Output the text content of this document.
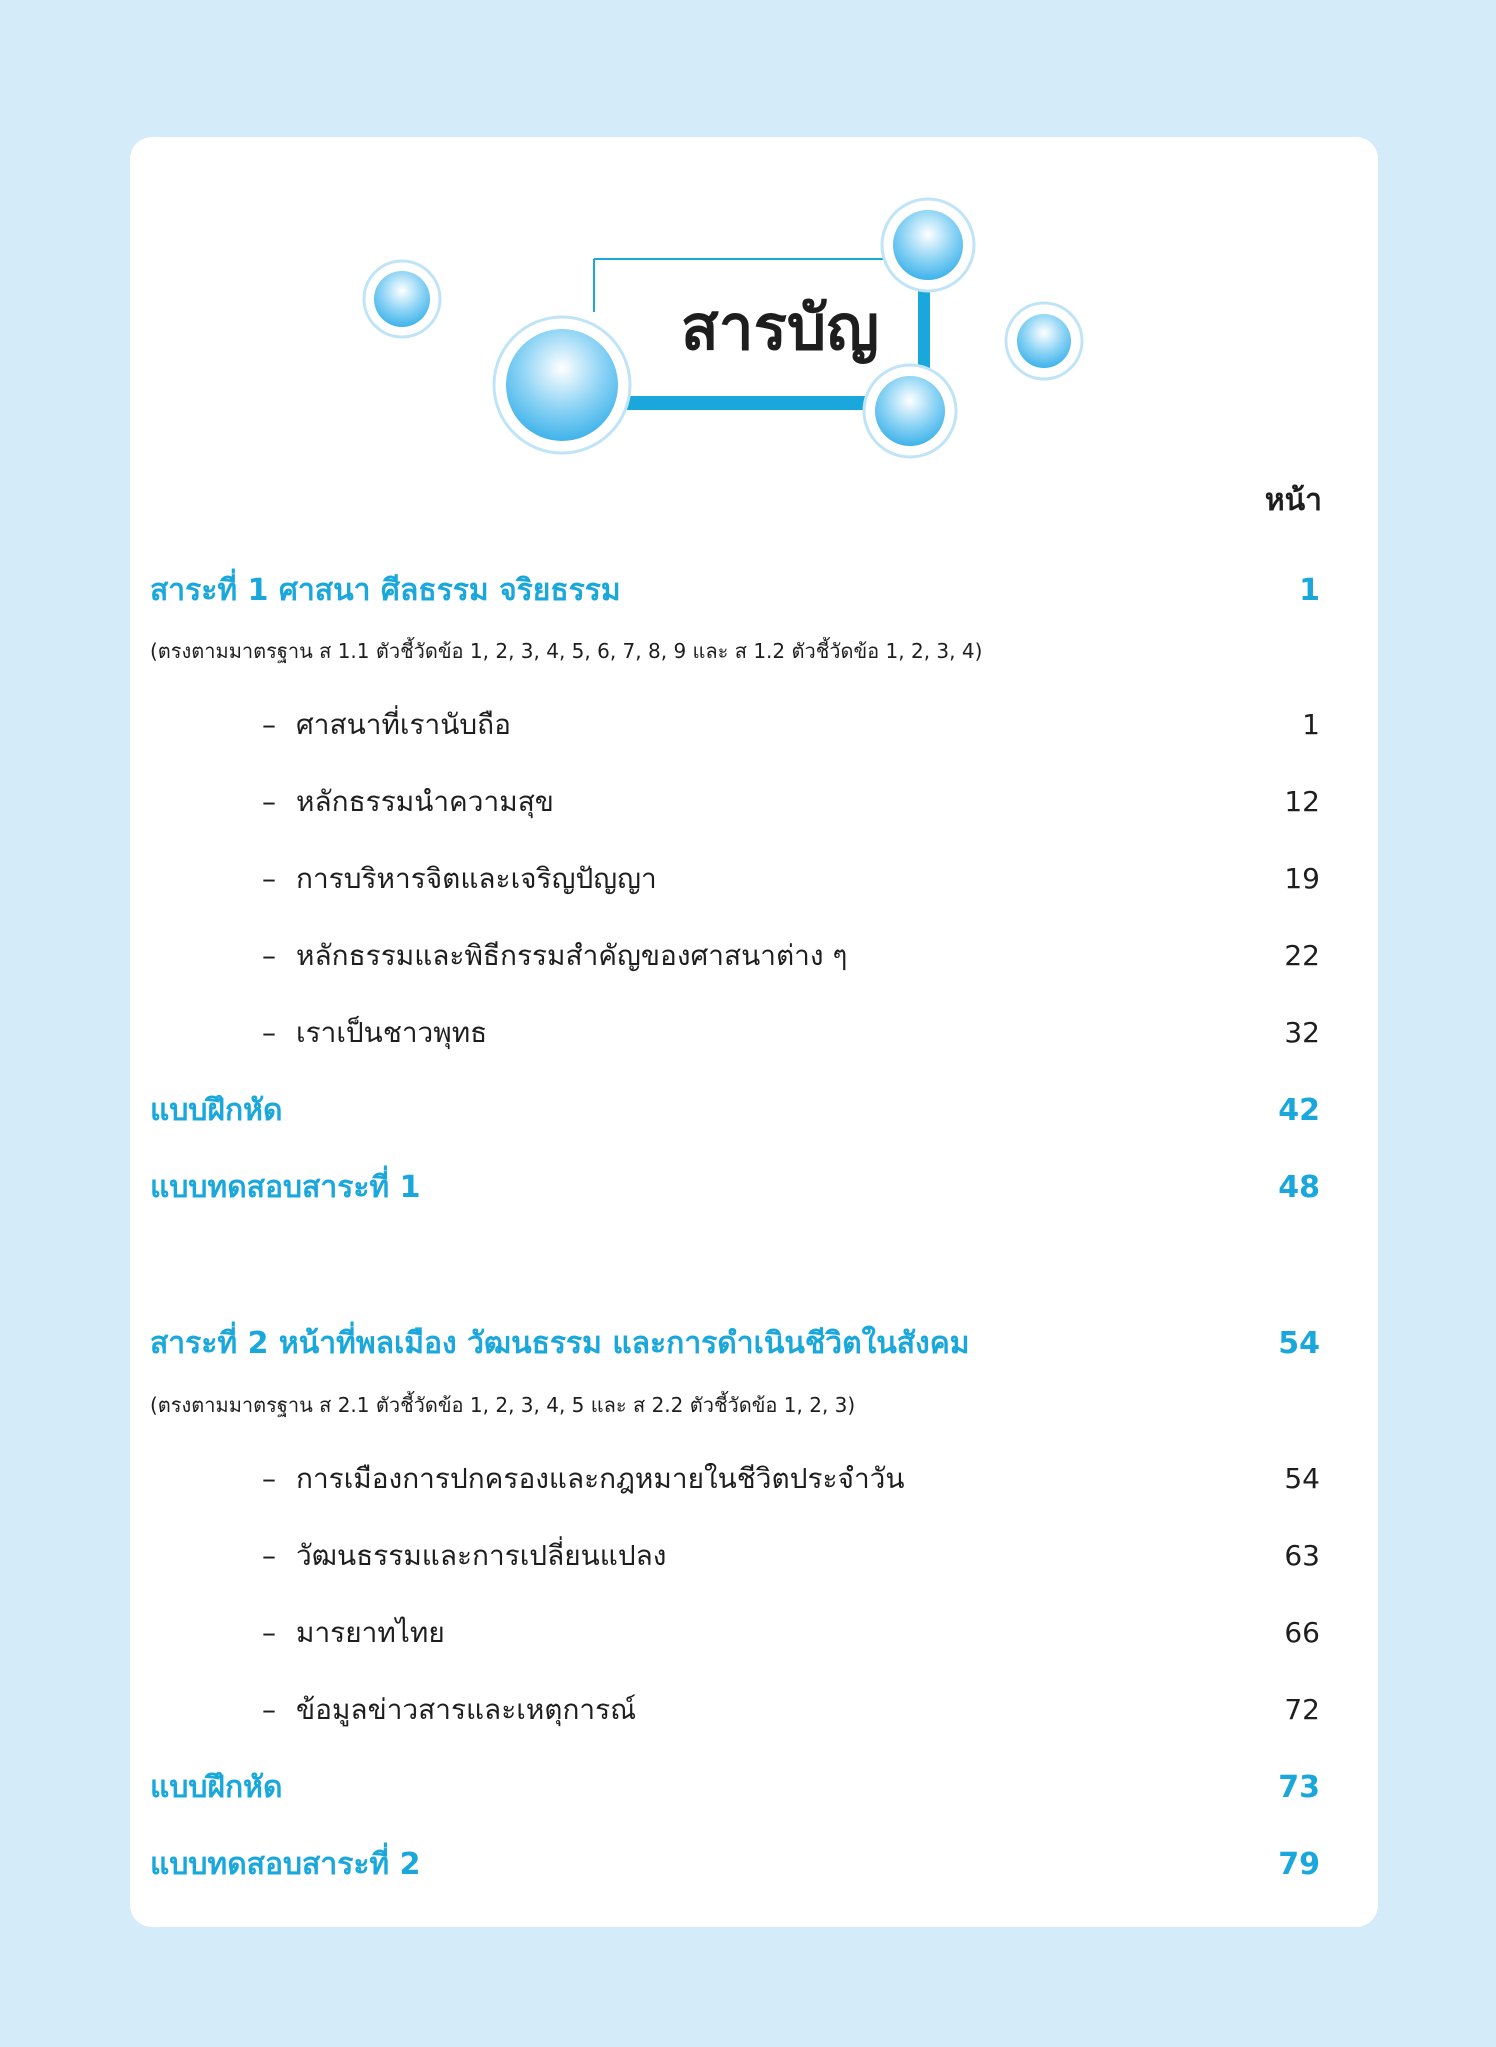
สารบัญ
หน้า
สาระที่ 1 ศาสนา ศีลธรรม จริยธรรม	1
(ตรงตามมาตรฐาน ส 1.1 ตัวชี้วัดข้อ 1, 2, 3, 4, 5, 6, 7, 8, 9 และ ส 1.2 ตัวชี้วัดข้อ 1, 2, 3, 4)
– ศาสนาที่เรานับถือ	1
– หลักธรรมนำความสุข	12
– การบริหารจิตและเจริญปัญญา	19
– หลักธรรมและพิธีกรรมสำคัญของศาสนาต่าง ๆ	22
– เราเป็นชาวพุทธ	32
แบบฝึกหัด	42
แบบทดสอบสาระที่ 1	48
สาระที่ 2 หน้าที่พลเมือง วัฒนธรรม และการดำเนินชีวิตในสังคม	54
(ตรงตามมาตรฐาน ส 2.1 ตัวชี้วัดข้อ 1, 2, 3, 4, 5 และ ส 2.2 ตัวชี้วัดข้อ 1, 2, 3)
– การเมืองการปกครองและกฎหมายในชีวิตประจำวัน	54
– วัฒนธรรมและการเปลี่ยนแปลง	63
– มารยาทไทย	66
– ข้อมูลข่าวสารและเหตุการณ์	72
แบบฝึกหัด	73
แบบทดสอบสาระที่ 2	79
